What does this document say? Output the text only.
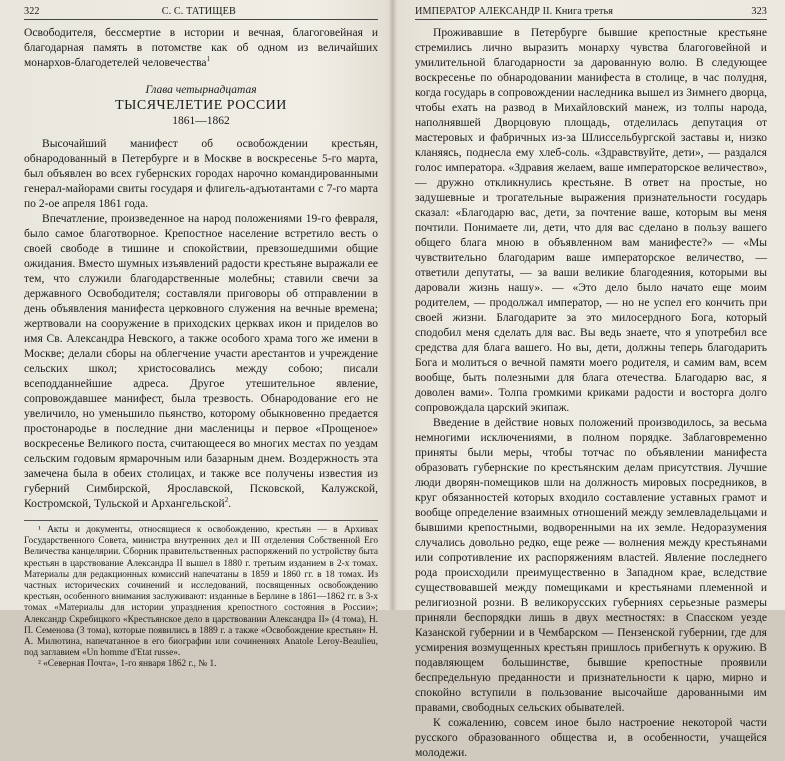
322	С. С. ТАТИЩЕВ

Освободителя, бессмертие в истории и вечная, благоговейная и благодарная память в потомстве как об одном из величайших монархов-благодетелей человечества$^1$

Глава четырнадцатая
ТЫСЯЧЕЛЕТИЕ РОССИИ
1861—1862

Высочайший манифест об освобождении крестьян, обнародованный в Петербурге и в Москве в воскресенье 5-го марта, был объявлен во всех губернских городах нарочно командированными генерал-майорами свиты государя и флигель-адъютантами с 7-го марта по 2-ое апреля 1861 года.

Впечатление, произведенное на народ положениями 19-го февраля, было самое благотворное. Крепостное население встретило весть о своей свободе в тишине и спокойствии, превзошедшими общие ожидания. Вместо шумных изъявлений радости крестьяне выражали ее тем, что служили благодарственные молебны; ставили свечи за державного Освободителя; составляли приговоры об отправлении в день объявления манифеста церковного служения на вечные времена; жертвовали на сооружение в приходских церквах икон и приделов во имя Св. Александра Невского, а также особого храма того же имени в Москве; делали сборы на облегчение участи арестантов и учреждение сельских школ; христосовались между собою; писали всеподданнейшие адреса. Другое утешительное явление, сопровождавшее манифест, была трезвость. Обнародование его не увеличило, но уменьшило пьянство, которому обыкновенно предается простонародье в последние дни масленицы и первое «Прощеное» воскресенье Великого поста, считающееся во многих местах по уездам сельским годовым ярмарочным или базарным днем. Воздержность эта замечена была в обеих столицах, и также все получены известия из губерний Симбирской, Ярославской, Псковской, Калужской, Костромской, Тульской и Архангельской$^2$.

¹ Акты и документы, относящиеся к освобождению, крестьян — в Архивах Государственного Совета, министра внутренних дел и III отделения Собственной Его Величества канцелярии. Сборник правительственных распоряжений по устройству быта крестьян в царствование Александра II вышел в 1880 г. третьим изданием в 2-х томах. Материалы для редакционных комиссий напечатаны в 1859 и 1860 гг. в 18 томах. Из частных исторических сочинений и исследований, посвященных освобождению крестьян, особенного внимания заслуживают: изданные в Берлине в 1861—1862 гг. в 3-х томах «Материалы для истории упразднения крепостного состояния в России»; Александр Скребицкого «Крестьянское дело в царствовании Александра II» (4 тома), Н. П. Семенова (3 тома), которые появились в 1889 г. а также «Освобождение крестьян» Н. А. Милютина, напечатанное в его биографии или сочинениях Anatole Leroy-Beaulieu, под заглавием «Un homme d'Etat russe».

² «Северная Почта», 1-го января 1862 г., № 1.

ИМПЕРАТОР АЛЕКСАНДР II. Книга третья	323

Проживавшие в Петербурге бывшие крепостные крестьяне стремились лично выразить монарху чувства благоговейной и умилительной благодарности за дарованную волю. В следующее воскресенье по обнародовании манифеста в столице, в час полудня, когда государь в сопровождении наследника вышел из Зимнего дворца, чтобы ехать на развод в Михайловский манеж, из толпы народа, наполнявшей Дворцовую площадь, отделилась депутация от мастеровых и фабричных из-за Шлиссельбургской заставы и, низко кланяясь, поднесла ему хлеб-соль. «Здравствуйте, дети», — раздался голос императора. «Здравия желаем, ваше императорское величество», — дружно откликнулись крестьяне. В ответ на простые, но задушевные и трогательные выражения признательности государь сказал: «Благодарю вас, дети, за почтение ваше, которым вы меня почтили. Понимаете ли, дети, что для вас сделано в пользу вашего общего блага мною в объявленном вам манифесте?» — «Мы чувствительно благодарим ваше императорское величество, — ответили депутаты, — за ваши великие благодеяния, которыми вы даровали жизнь нашу». — «Это дело было начато еще моим родителем, — продолжал император, — но не успел его кончить при своей жизни. Благодарите за это милосердного Бога, который сподобил меня сделать для вас. Вы ведь знаете, что я употребил все средства для блага вашего. Но вы, дети, должны теперь благодарить Бога и молиться о вечной памяти моего родителя, и самим вам, всем вообще, быть полезными для блага отечества. Благодарю вас, я доволен вами». Толпа громкими криками радости и восторга долго сопровождала царский экипаж.

Введение в действие новых положений производилось, за весьма немногими исключениями, в полном порядке. Заблаговременно приняты были меры, чтобы тотчас по объявлении манифеста образовать губернские по крестьянским делам присутствия. Лучшие люди дворян-помещиков шли на должность мировых посредников, в круг обязанностей которых входило составление уставных грамот и вообще определение взаимных отношений между землевладельцами и бывшими крепостными, водворенными на их земле. Недоразумения случались довольно редко, еще реже — волнения между крестьянами или сопротивление их распоряжениям властей. Явление последнего рода происходили преимущественно в Западном крае, вследствие существовавшей между помещиками и крестьянами племенной и религиозной розни. В великорусских губерниях серьезные размеры приняли беспорядки лишь в двух местностях: в Спасском уезде Казанской губернии и в Чембарском — Пензенской губернии, где для усмирения возмущенных крестьян пришлось прибегнуть к оружию. В подавляющем большинстве, бывшие крепостные проявили беспредельную преданности и признательности к царю, мирно и спокойно вступили в пользование высочайше дарованными им правами, свободных сельских обывателей.

К сожалению, совсем иное было настроение некоторой части русского образованного общества и, в особенности, учащейся молодежи.
